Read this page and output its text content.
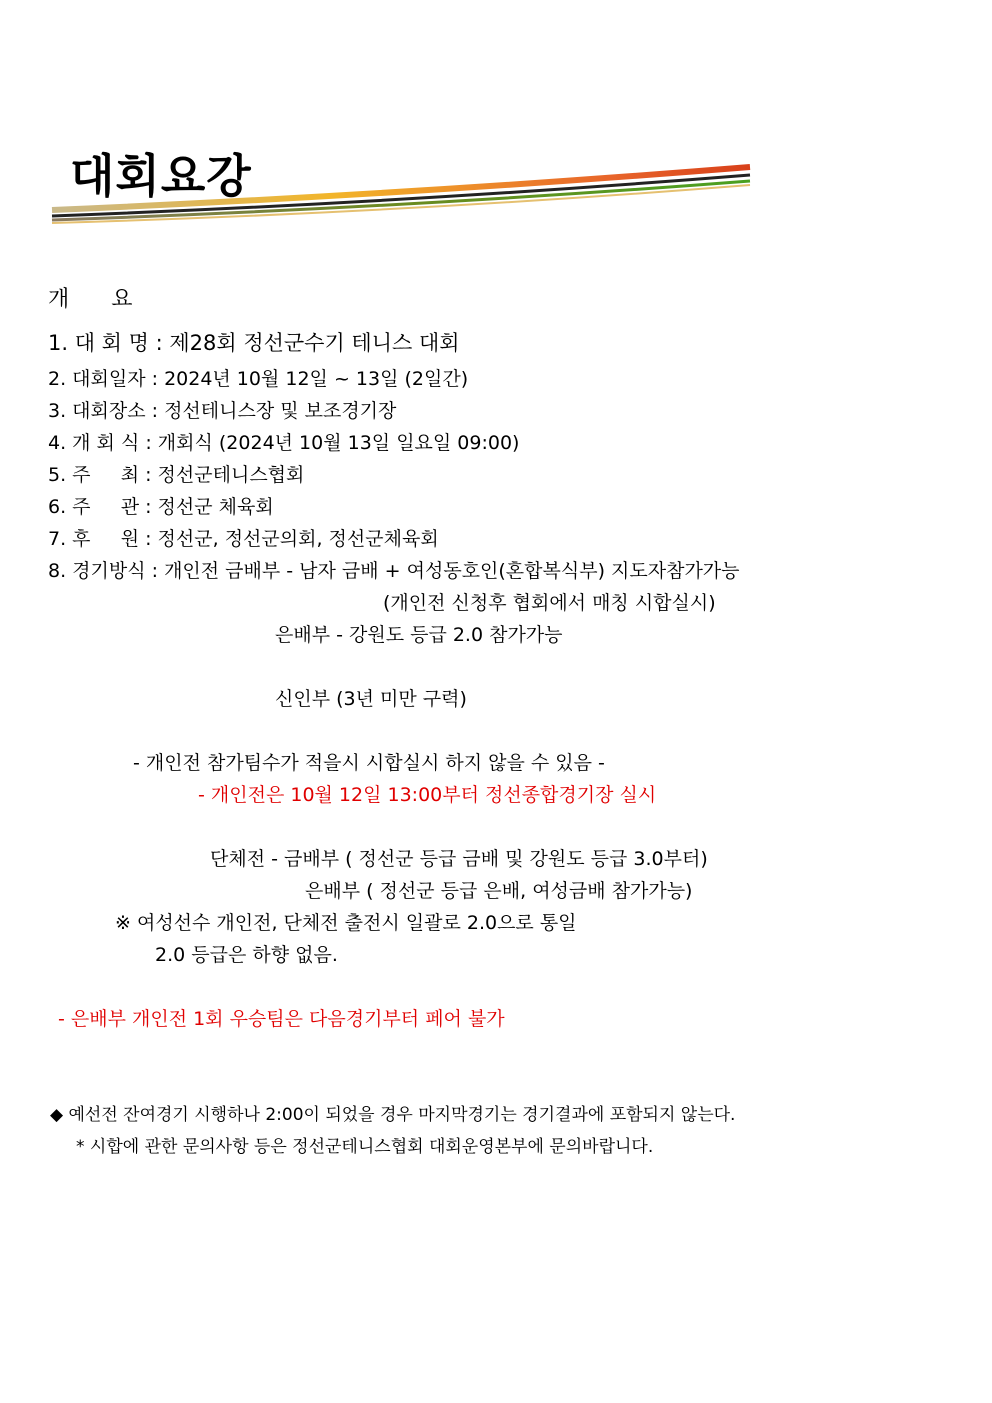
대회요강
개      요
1. 대 회 명 : 제28회 정선군수기 테니스 대회
2. 대회일자 : 2024년 10월 12일 ~ 13일 (2일간)
3. 대회장소 : 정선테니스장 및 보조경기장
4. 개 회 식 : 개회식 (2024년 10월 13일 일요일 09:00)
5. 주     최 : 정선군테니스협회
6. 주     관 : 정선군 체육회
7. 후     원 : 정선군, 정선군의회, 정선군체육회
8. 경기방식 : 개인전 금배부 - 남자 금배 + 여성동호인(혼합복식부) 지도자참가가능
(개인전 신청후 협회에서 매칭 시합실시)
은배부 - 강원도 등급 2.0 참가가능
신인부 (3년 미만 구력)
- 개인전 참가팀수가 적을시 시합실시 하지 않을 수 있음 -
- 개인전은 10월 12일 13:00부터 정선종합경기장 실시
단체전 - 금배부 ( 정선군 등급 금배 및 강원도 등급 3.0부터)
은배부 ( 정선군 등급 은배, 여성금배 참가가능)
※ 여성선수 개인전, 단체전 출전시 일괄로 2.0으로 통일
2.0 등급은 하향 없음.
- 은배부 개인전 1회 우승팀은 다음경기부터 페어 불가
◆ 예선전 잔여경기 시행하나 2:00이 되었을 경우 마지막경기는 경기결과에 포함되지 않는다.
* 시합에 관한 문의사항 등은 정선군테니스협회 대회운영본부에 문의바랍니다.
